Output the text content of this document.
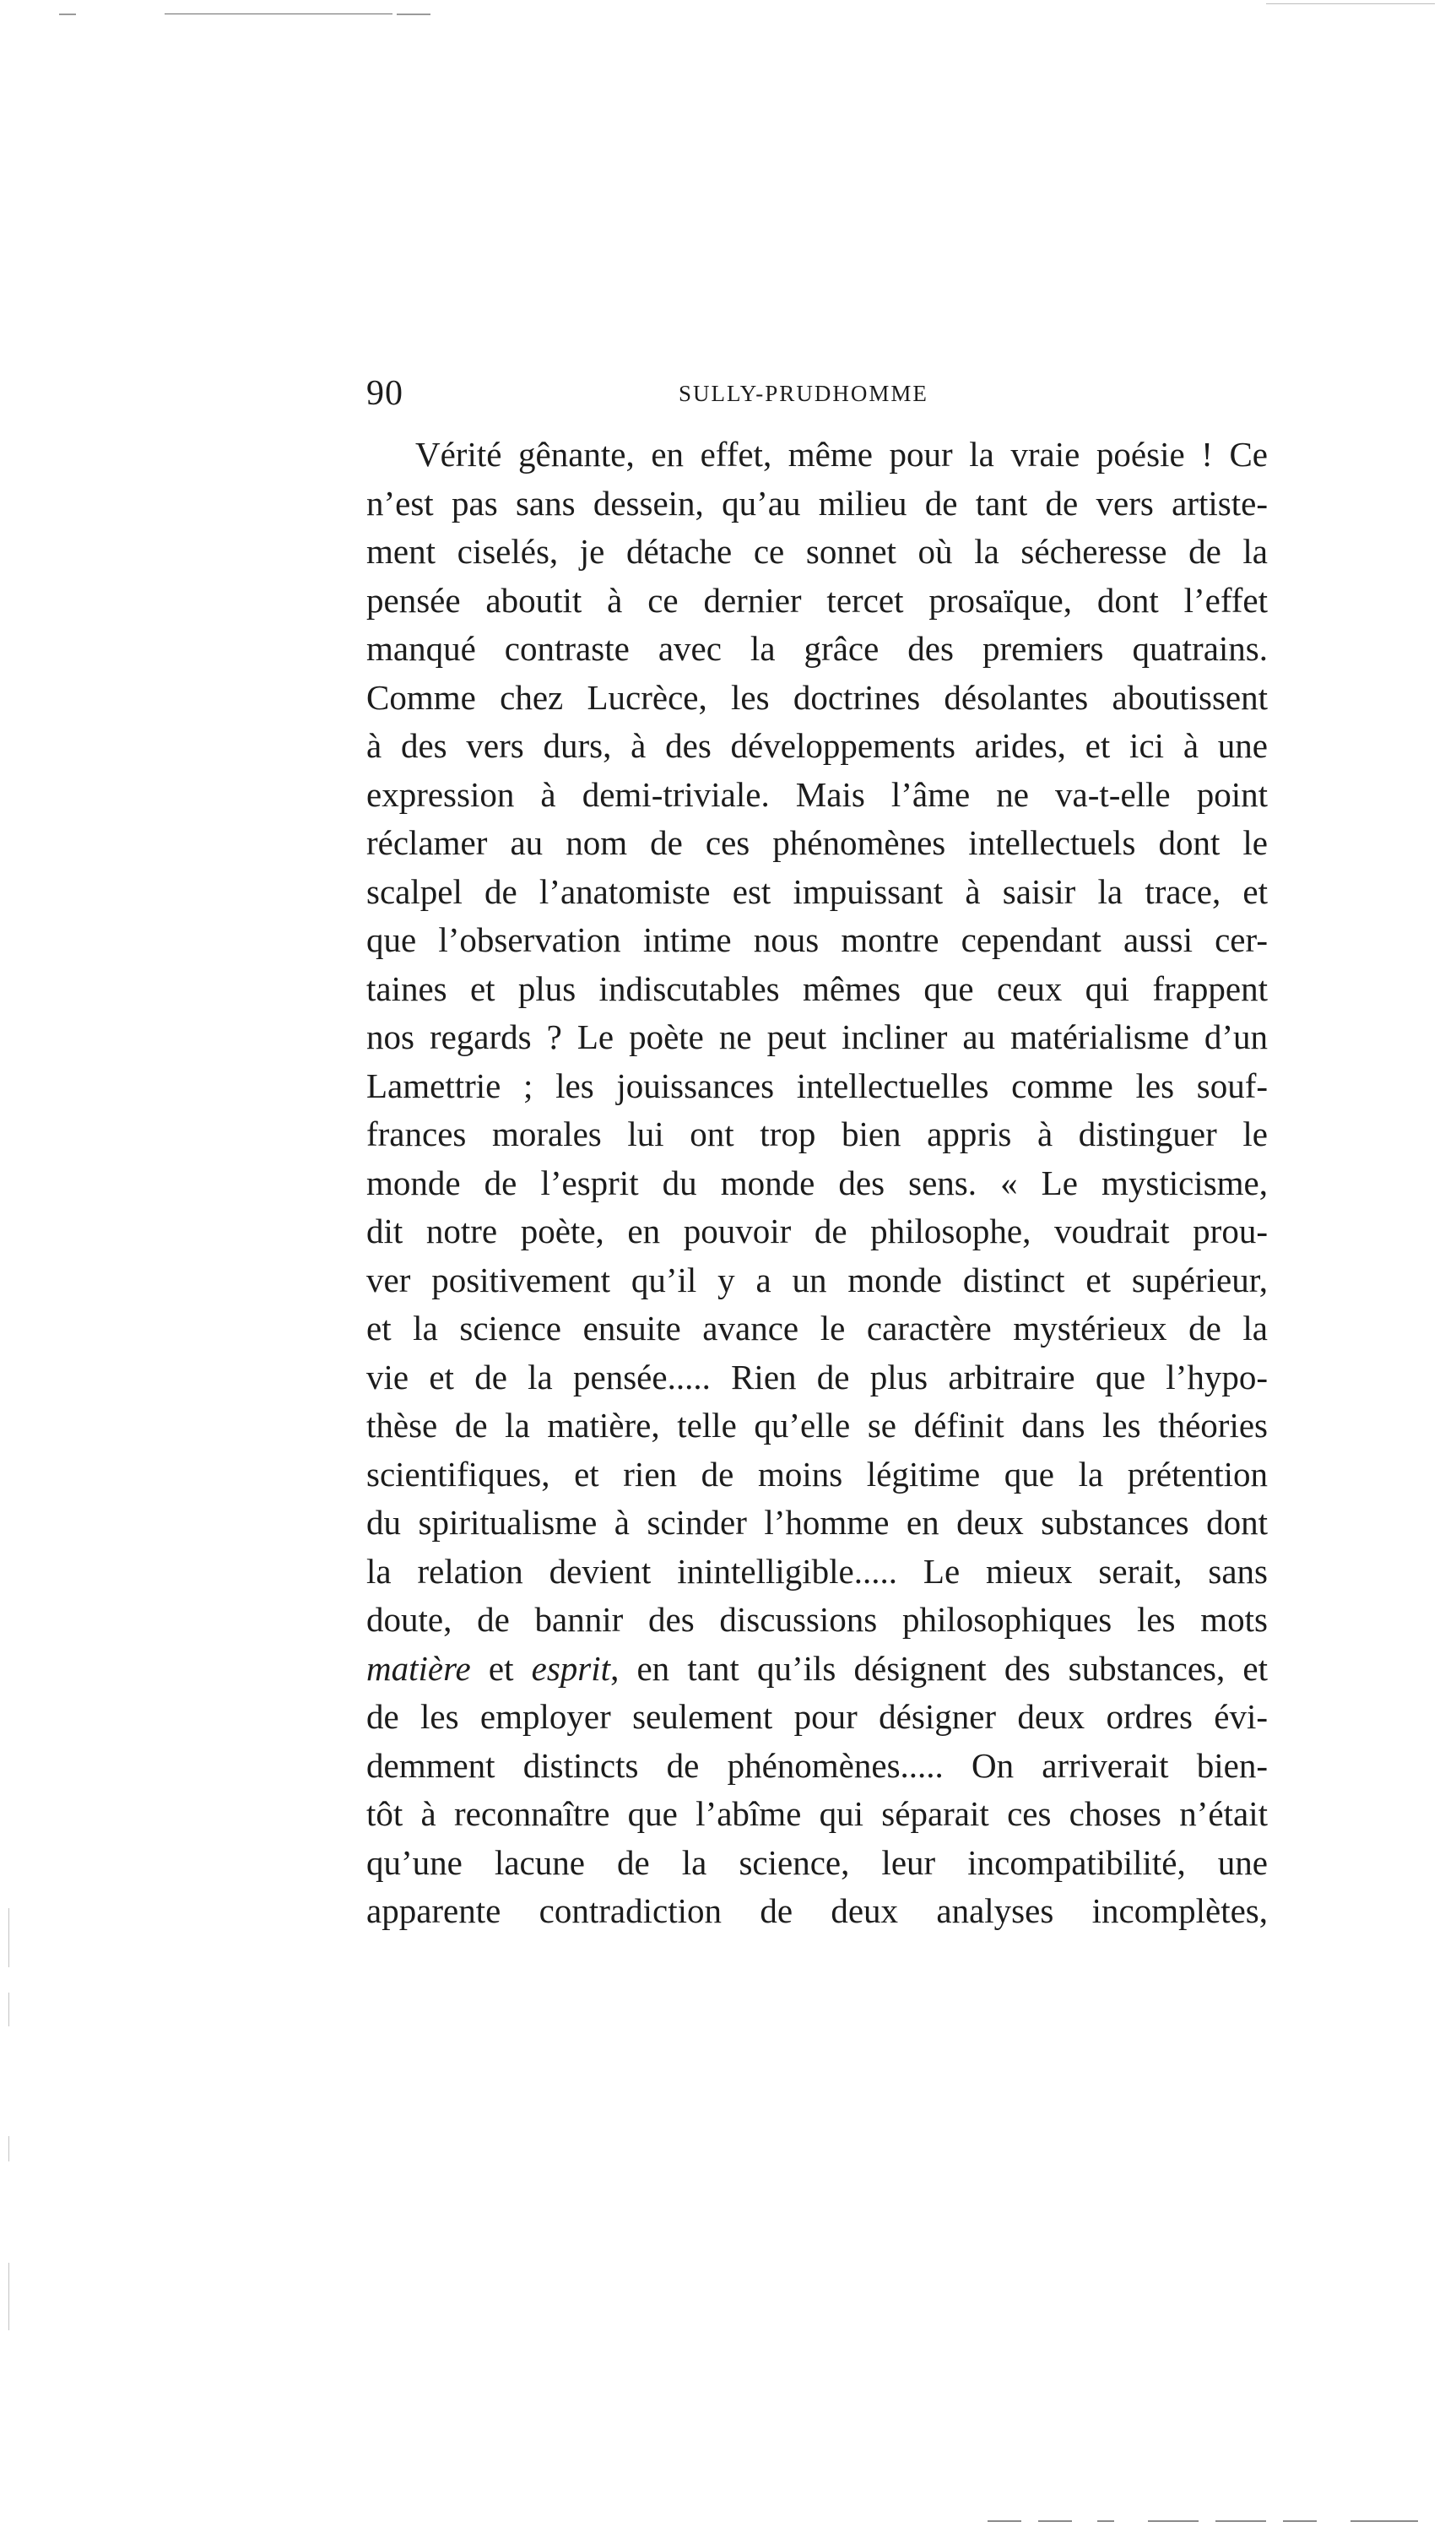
90	SULLY-PRUDHOMME
Vérité gênante, en effet, même pour la vraie poésie ! Ce
n’est pas sans dessein, qu’au milieu de tant de vers artiste-
ment ciselés, je détache ce sonnet où la sécheresse de la
pensée aboutit à ce dernier tercet prosaïque, dont l’effet
manqué contraste avec la grâce des premiers quatrains.
Comme chez Lucrèce, les doctrines désolantes aboutissent
à des vers durs, à des développements arides, et ici à une
expression à demi-triviale. Mais l’âme ne va-t-elle point
réclamer au nom de ces phénomènes intellectuels dont le
scalpel de l’anatomiste est impuissant à saisir la trace, et
que l’observation intime nous montre cependant aussi cer-
taines et plus indiscutables mêmes que ceux qui frappent
nos regards ? Le poète ne peut incliner au matérialisme d’un
Lamettrie ; les jouissances intellectuelles comme les souf-
frances morales lui ont trop bien appris à distinguer le
monde de l’esprit du monde des sens. « Le mysticisme,
dit notre poète, en pouvoir de philosophe, voudrait prou-
ver positivement qu’il y a un monde distinct et supérieur,
et la science ensuite avance le caractère mystérieux de la
vie et de la pensée..... Rien de plus arbitraire que l’hypo-
thèse de la matière, telle qu’elle se définit dans les théories
scientifiques, et rien de moins légitime que la prétention
du spiritualisme à scinder l’homme en deux substances dont
la relation devient inintelligible..... Le mieux serait, sans
doute, de bannir des discussions philosophiques les mots
matière et esprit, en tant qu’ils désignent des substances, et
de les employer seulement pour désigner deux ordres évi-
demment distincts de phénomènes..... On arriverait bien-
tôt à reconnaître que l’abîme qui séparait ces choses n’était
qu’une lacune de la science, leur incompatibilité, une
apparente contradiction de deux analyses incomplètes,
